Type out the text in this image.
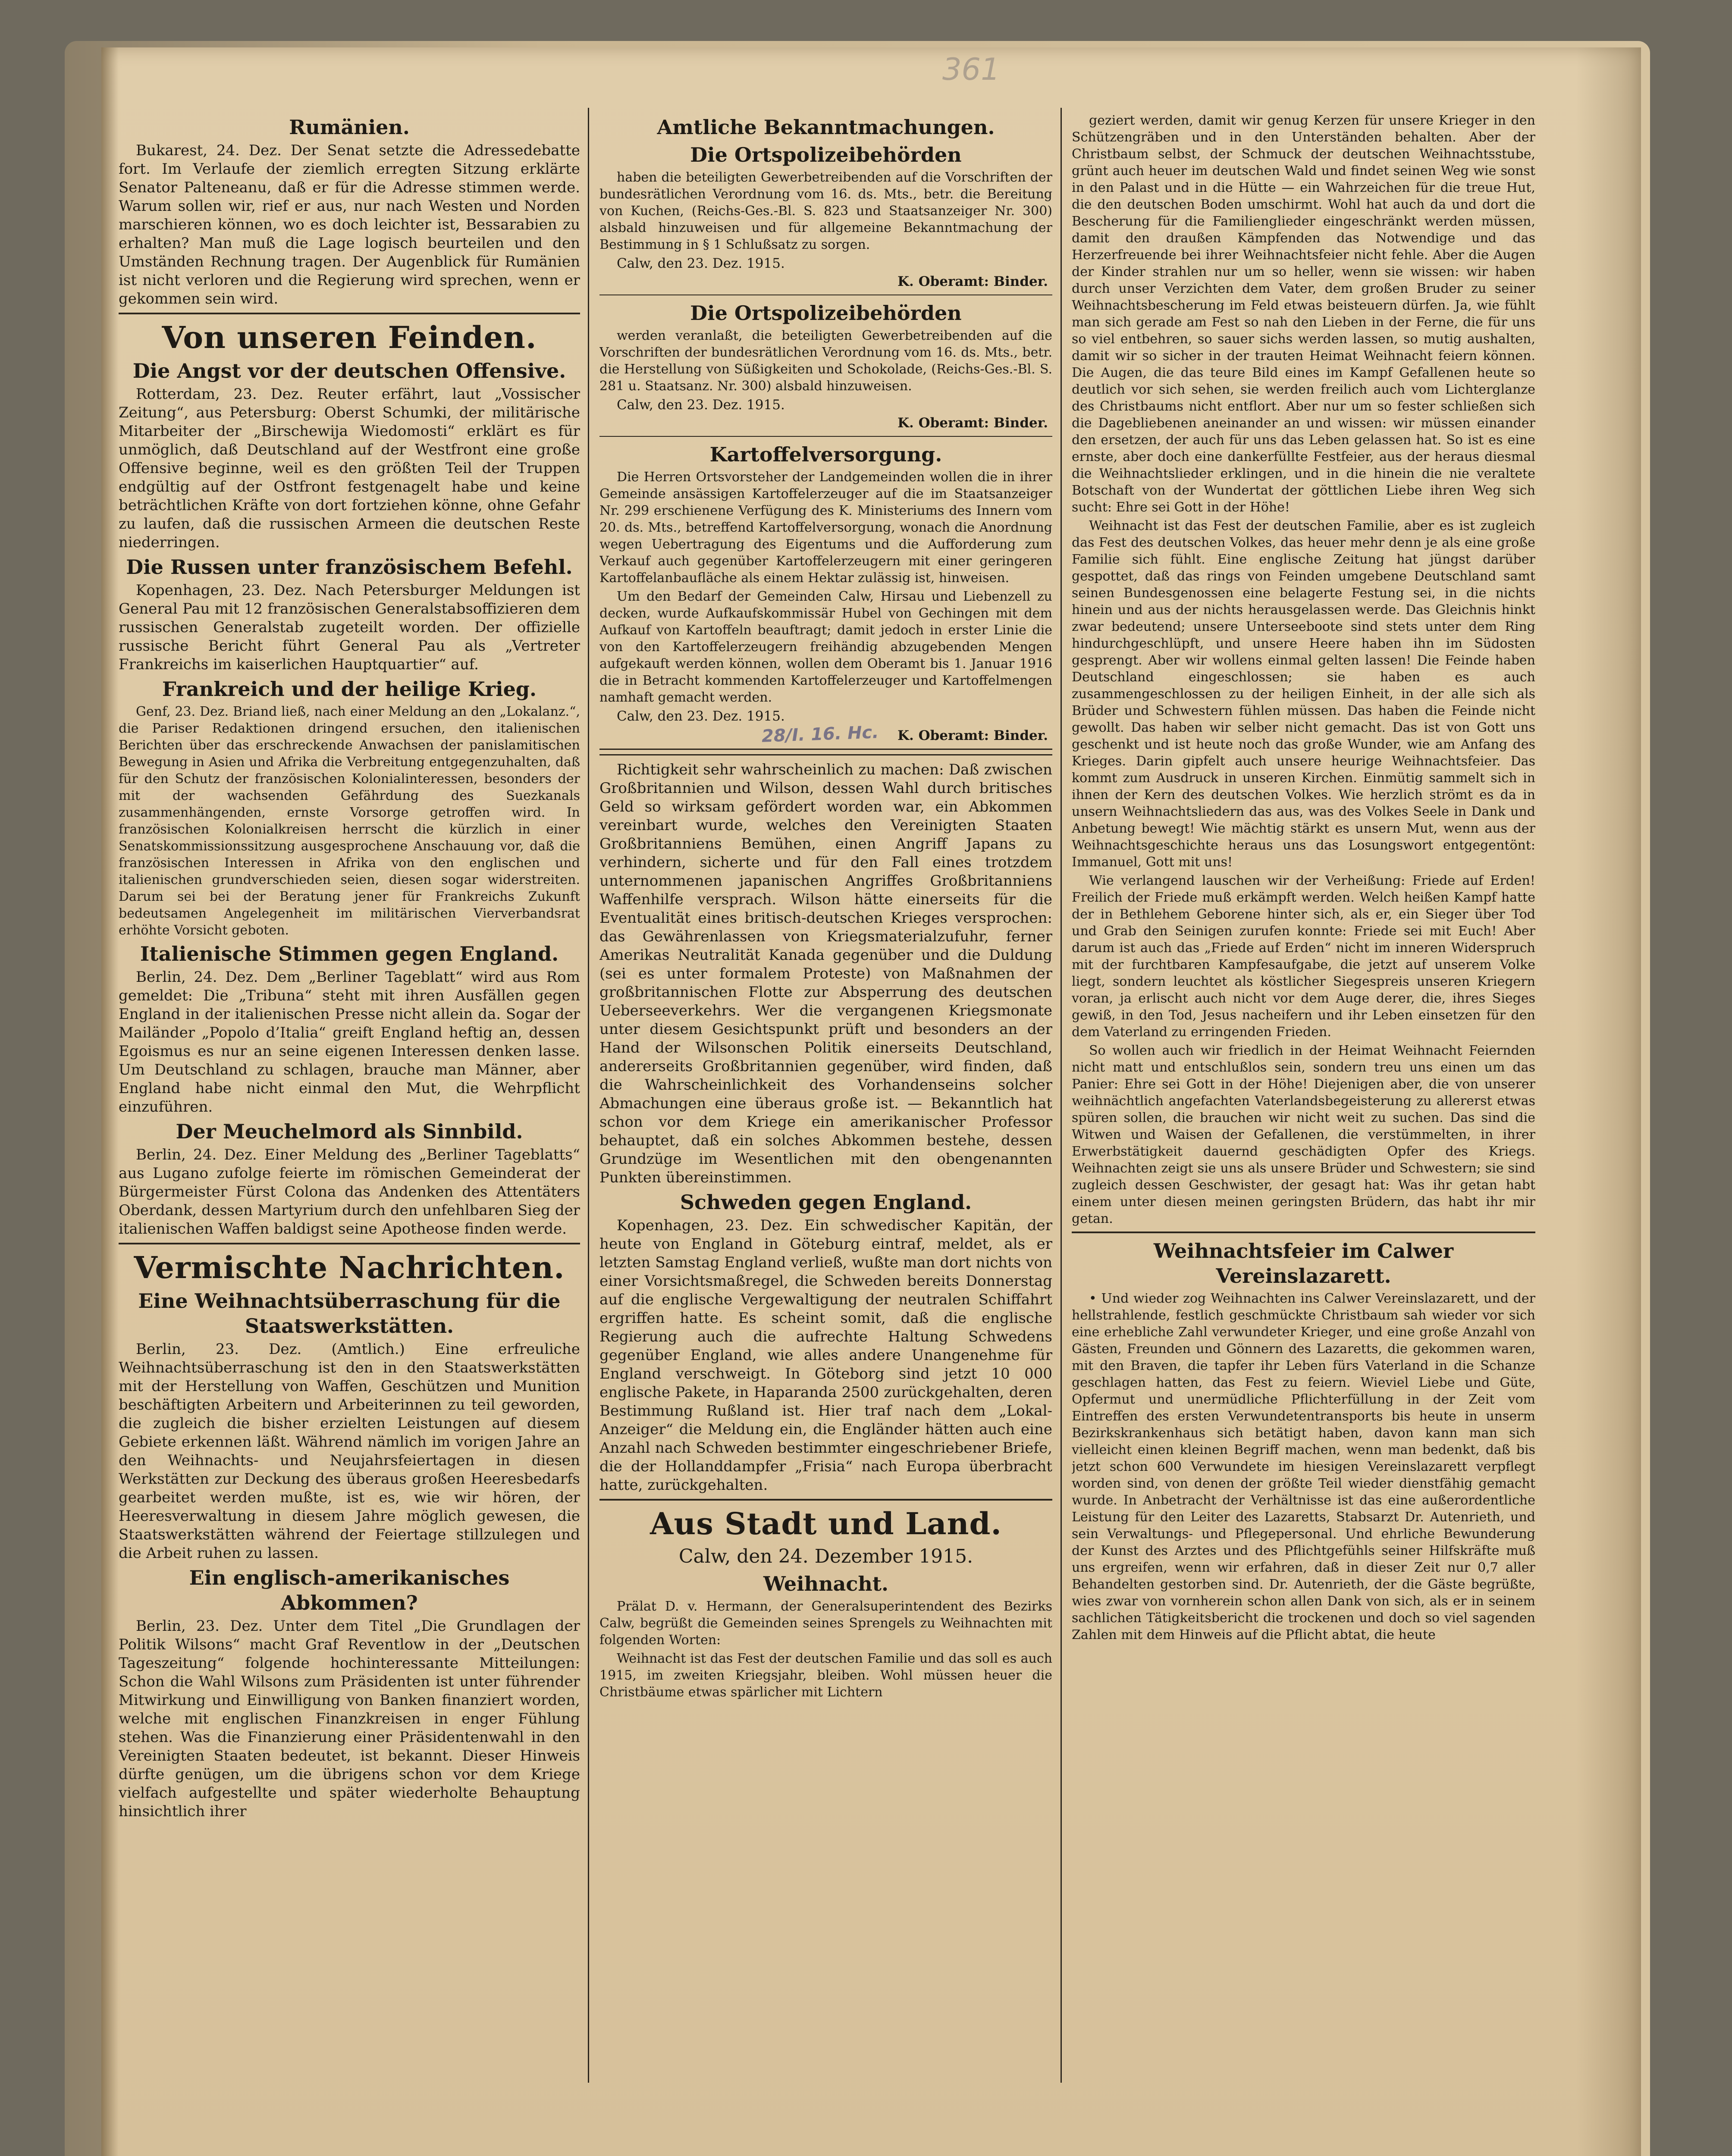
361
Rumänien.

Bukarest, 24. Dez. Der Senat setzte die Adressedebatte fort. Im Verlaufe der ziemlich erregten Sitzung erklärte Senator Palteneanu, daß er für die Adresse stimmen werde. Warum sollen wir, rief er aus, nur nach Westen und Norden marschieren können, wo es doch leichter ist, Bessarabien zu erhalten? Man muß die Lage logisch beurteilen und den Umständen Rechnung tragen. Der Augenblick für Rumänien ist nicht verloren und die Regierung wird sprechen, wenn er gekommen sein wird.

Von unseren Feinden.
Die Angst vor der deutschen Offensive.

Rotterdam, 23. Dez. Reuter erfährt, laut „Vossischer Zeitung“, aus Petersburg: Oberst Schumki, der militärische Mitarbeiter der „Birschewija Wiedomosti“ erklärt es für unmöglich, daß Deutschland auf der Westfront eine große Offensive beginne, weil es den größten Teil der Truppen endgültig auf der Ostfront festgenagelt habe und keine beträchtlichen Kräfte von dort fortziehen könne, ohne Gefahr zu laufen, daß die russischen Armeen die deutschen Reste niederringen.

Die Russen unter französischem Befehl.

Kopenhagen, 23. Dez. Nach Petersburger Meldungen ist General Pau mit 12 französischen Generalstabsoffizieren dem russischen Generalstab zugeteilt worden. Der offizielle russische Bericht führt General Pau als „Vertreter Frankreichs im kaiserlichen Hauptquartier“ auf.

Frankreich und der heilige Krieg.

Genf, 23. Dez. Briand ließ, nach einer Meldung an den „Lokalanz.“, die Pariser Redaktionen dringend ersuchen, den italienischen Berichten über das erschreckende Anwachsen der panislamitischen Bewegung in Asien und Afrika die Verbreitung entgegenzuhalten, daß für den Schutz der französischen Kolonialinteressen, besonders der mit der wachsenden Gefährdung des Suezkanals zusammenhängenden, ernste Vorsorge getroffen wird. In französischen Kolonialkreisen herrscht die kürzlich in einer Senatskommissionssitzung ausgesprochene Anschauung vor, daß die französischen Interessen in Afrika von den englischen und italienischen grundverschieden seien, diesen sogar widerstreiten. Darum sei bei der Beratung jener für Frankreichs Zukunft bedeutsamen Angelegenheit im militärischen Vierverbandsrat erhöhte Vorsicht geboten.

Italienische Stimmen gegen England.

Berlin, 24. Dez. Dem „Berliner Tageblatt“ wird aus Rom gemeldet: Die „Tribuna“ steht mit ihren Ausfällen gegen England in der italienischen Presse nicht allein da. Sogar der Mailänder „Popolo d’Italia“ greift England heftig an, dessen Egoismus es nur an seine eigenen Interessen denken lasse. Um Deutschland zu schlagen, brauche man Männer, aber England habe nicht einmal den Mut, die Wehrpflicht einzuführen.

Der Meuchelmord als Sinnbild.

Berlin, 24. Dez. Einer Meldung des „Berliner Tageblatts“ aus Lugano zufolge feierte im römischen Gemeinderat der Bürgermeister Fürst Colona das Andenken des Attentäters Oberdank, dessen Martyrium durch den unfehlbaren Sieg der italienischen Waffen baldigst seine Apotheose finden werde.

Vermischte Nachrichten.
Eine Weihnachtsüberraschung für die Staatswerkstätten.

Berlin, 23. Dez. (Amtlich.) Eine erfreuliche Weihnachtsüberraschung ist den in den Staatswerkstätten mit der Herstellung von Waffen, Geschützen und Munition beschäftigten Arbeitern und Arbeiterinnen zu teil geworden, die zugleich die bisher erzielten Leistungen auf diesem Gebiete erkennen läßt. Während nämlich im vorigen Jahre an den Weihnachts- und Neujahrsfeiertagen in diesen Werkstätten zur Deckung des überaus großen Heeresbedarfs gearbeitet werden mußte, ist es, wie wir hören, der Heeresverwaltung in diesem Jahre möglich gewesen, die Staatswerkstätten während der Feiertage stillzulegen und die Arbeit ruhen zu lassen.

Ein englisch-amerikanisches Abkommen?

Berlin, 23. Dez. Unter dem Titel „Die Grundlagen der Politik Wilsons“ macht Graf Reventlow in der „Deutschen Tageszeitung“ folgende hochinteressante Mitteilungen: Schon die Wahl Wilsons zum Präsidenten ist unter führender Mitwirkung und Einwilligung von Banken finanziert worden, welche mit englischen Finanzkreisen in enger Fühlung stehen. Was die Finanzierung einer Präsidentenwahl in den Vereinigten Staaten bedeutet, ist bekannt. Dieser Hinweis dürfte genügen, um die übrigens schon vor dem Kriege vielfach aufgestellte und später wiederholte Behauptung hinsichtlich ihrer

Amtliche Bekanntmachungen.
Die Ortspolizeibehörden

haben die beteiligten Gewerbetreibenden auf die Vorschriften der bundesrätlichen Verordnung vom 16. ds. Mts., betr. die Bereitung von Kuchen, (Reichs-Ges.-Bl. S. 823 und Staatsanzeiger Nr. 300) alsbald hinzuweisen und für allgemeine Bekanntmachung der Bestimmung in § 1 Schlußsatz zu sorgen.

Calw, den 23. Dez. 1915.

K. Oberamt: Binder.
Die Ortspolizeibehörden

werden veranlaßt, die beteiligten Gewerbetreibenden auf die Vorschriften der bundesrätlichen Verordnung vom 16. ds. Mts., betr. die Herstellung von Süßigkeiten und Schokolade, (Reichs-Ges.-Bl. S. 281 u. Staatsanz. Nr. 300) alsbald hinzuweisen.

Calw, den 23. Dez. 1915.

K. Oberamt: Binder.
Kartoffelversorgung.

Die Herren Ortsvorsteher der Landgemeinden wollen die in ihrer Gemeinde ansässigen Kartoffelerzeuger auf die im Staatsanzeiger Nr. 299 erschienene Verfügung des K. Ministeriums des Innern vom 20. ds. Mts., betreffend Kartoffelversorgung, wonach die Anordnung wegen Uebertragung des Eigentums und die Aufforderung zum Verkauf auch gegenüber Kartoffelerzeugern mit einer geringeren Kartoffelanbaufläche als einem Hektar zulässig ist, hinweisen.

Um den Bedarf der Gemeinden Calw, Hirsau und Liebenzell zu decken, wurde Aufkaufskommissär Hubel von Gechingen mit dem Aufkauf von Kartoffeln beauftragt; damit jedoch in erster Linie die von den Kartoffelerzeugern freihändig abzugebenden Mengen aufgekauft werden können, wollen dem Oberamt bis 1. Januar 1916 die in Betracht kommenden Kartoffelerzeuger und Kartoffelmengen namhaft gemacht werden.

Calw, den 23. Dez. 1915.

28/I. 16. Hc. K. Oberamt: Binder.

Richtigkeit sehr wahrscheinlich zu machen: Daß zwischen Großbritannien und Wilson, dessen Wahl durch britisches Geld so wirksam gefördert worden war, ein Abkommen vereinbart wurde, welches den Vereinigten Staaten Großbritanniens Bemühen, einen Angriff Japans zu verhindern, sicherte und für den Fall eines trotzdem unternommenen japanischen Angriffes Großbritanniens Waffenhilfe versprach. Wilson hätte einerseits für die Eventualität eines britisch-deutschen Krieges versprochen: das Gewährenlassen von Kriegsmaterialzufuhr, ferner Amerikas Neutralität Kanada gegenüber und die Duldung (sei es unter formalem Proteste) von Maßnahmen der großbritannischen Flotte zur Absperrung des deutschen Ueberseeverkehrs. Wer die vergangenen Kriegsmonate unter diesem Gesichtspunkt prüft und besonders an der Hand der Wilsonschen Politik einerseits Deutschland, andererseits Großbritannien gegenüber, wird finden, daß die Wahrscheinlichkeit des Vorhandenseins solcher Abmachungen eine überaus große ist. — Bekanntlich hat schon vor dem Kriege ein amerikanischer Professor behauptet, daß ein solches Abkommen bestehe, dessen Grundzüge im Wesentlichen mit den obengenannten Punkten übereinstimmen.

Schweden gegen England.

Kopenhagen, 23. Dez. Ein schwedischer Kapitän, der heute von England in Göteburg eintraf, meldet, als er letzten Samstag England verließ, wußte man dort nichts von einer Vorsichtsmaßregel, die Schweden bereits Donnerstag auf die englische Vergewaltigung der neutralen Schiffahrt ergriffen hatte. Es scheint somit, daß die englische Regierung auch die aufrechte Haltung Schwedens gegenüber England, wie alles andere Unangenehme für England verschweigt. In Göteborg sind jetzt 10 000 englische Pakete, in Haparanda 2500 zurückgehalten, deren Bestimmung Rußland ist. Hier traf nach dem „Lokal-Anzeiger“ die Meldung ein, die Engländer hätten auch eine Anzahl nach Schweden bestimmter eingeschriebener Briefe, die der Hollanddampfer „Frisia“ nach Europa überbracht hatte, zurückgehalten.

Aus Stadt und Land.

Calw, den 24. Dezember 1915.

Weihnacht.

Prälat D. v. Hermann, der Generalsuperintendent des Bezirks Calw, begrüßt die Gemeinden seines Sprengels zu Weihnachten mit folgenden Worten:

Weihnacht ist das Fest der deutschen Familie und das soll es auch 1915, im zweiten Kriegsjahr, bleiben. Wohl müssen heuer die Christbäume etwas spärlicher mit Lichtern

geziert werden, damit wir genug Kerzen für unsere Krieger in den Schützengräben und in den Unterständen behalten. Aber der Christbaum selbst, der Schmuck der deutschen Weihnachtsstube, grünt auch heuer im deutschen Wald und findet seinen Weg wie sonst in den Palast und in die Hütte — ein Wahrzeichen für die treue Hut, die den deutschen Boden umschirmt. Wohl hat auch da und dort die Bescherung für die Familienglieder eingeschränkt werden müssen, damit den draußen Kämpfenden das Notwendige und das Herzerfreuende bei ihrer Weihnachtsfeier nicht fehle. Aber die Augen der Kinder strahlen nur um so heller, wenn sie wissen: wir haben durch unser Verzichten dem Vater, dem großen Bruder zu seiner Weihnachtsbescherung im Feld etwas beisteuern dürfen. Ja, wie fühlt man sich gerade am Fest so nah den Lieben in der Ferne, die für uns so viel entbehren, so sauer sichs werden lassen, so mutig aushalten, damit wir so sicher in der trauten Heimat Weihnacht feiern können. Die Augen, die das teure Bild eines im Kampf Gefallenen heute so deutlich vor sich sehen, sie werden freilich auch vom Lichterglanze des Christbaums nicht entflort. Aber nur um so fester schließen sich die Dagebliebenen aneinander an und wissen: wir müssen einander den ersetzen, der auch für uns das Leben gelassen hat. So ist es eine ernste, aber doch eine dankerfüllte Festfeier, aus der heraus diesmal die Weihnachtslieder erklingen, und in die hinein die nie veraltete Botschaft von der Wundertat der göttlichen Liebe ihren Weg sich sucht: Ehre sei Gott in der Höhe!

Weihnacht ist das Fest der deutschen Familie, aber es ist zugleich das Fest des deutschen Volkes, das heuer mehr denn je als eine große Familie sich fühlt. Eine englische Zeitung hat jüngst darüber gespottet, daß das rings von Feinden umgebene Deutschland samt seinen Bundesgenossen eine belagerte Festung sei, in die nichts hinein und aus der nichts herausgelassen werde. Das Gleichnis hinkt zwar bedeutend; unsere Unterseeboote sind stets unter dem Ring hindurchgeschlüpft, und unsere Heere haben ihn im Südosten gesprengt. Aber wir wollens einmal gelten lassen! Die Feinde haben Deutschland eingeschlossen; sie haben es auch zusammengeschlossen zu der heiligen Einheit, in der alle sich als Brüder und Schwestern fühlen müssen. Das haben die Feinde nicht gewollt. Das haben wir selber nicht gemacht. Das ist von Gott uns geschenkt und ist heute noch das große Wunder, wie am Anfang des Krieges. Darin gipfelt auch unsere heurige Weihnachtsfeier. Das kommt zum Ausdruck in unseren Kirchen. Einmütig sammelt sich in ihnen der Kern des deutschen Volkes. Wie herzlich strömt es da in unsern Weihnachtsliedern das aus, was des Volkes Seele in Dank und Anbetung bewegt! Wie mächtig stärkt es unsern Mut, wenn aus der Weihnachtsgeschichte heraus uns das Losungswort entgegentönt: Immanuel, Gott mit uns!

Wie verlangend lauschen wir der Verheißung: Friede auf Erden! Freilich der Friede muß erkämpft werden. Welch heißen Kampf hatte der in Bethlehem Geborene hinter sich, als er, ein Sieger über Tod und Grab den Seinigen zurufen konnte: Friede sei mit Euch! Aber darum ist auch das „Friede auf Erden“ nicht im inneren Widerspruch mit der furchtbaren Kampfesaufgabe, die jetzt auf unserem Volke liegt, sondern leuchtet als köstlicher Siegespreis unseren Kriegern voran, ja erlischt auch nicht vor dem Auge derer, die, ihres Sieges gewiß, in den Tod, Jesus nacheifern und ihr Leben einsetzen für den dem Vaterland zu erringenden Frieden.

So wollen auch wir friedlich in der Heimat Weihnacht Feiernden nicht matt und entschlußlos sein, sondern treu uns einen um das Panier: Ehre sei Gott in der Höhe! Diejenigen aber, die von unserer weihnächtlich angefachten Vaterlandsbegeisterung zu allererst etwas spüren sollen, die brauchen wir nicht weit zu suchen. Das sind die Witwen und Waisen der Gefallenen, die verstümmelten, in ihrer Erwerbstätigkeit dauernd geschädigten Opfer des Kriegs. Weihnachten zeigt sie uns als unsere Brüder und Schwestern; sie sind zugleich dessen Geschwister, der gesagt hat: Was ihr getan habt einem unter diesen meinen geringsten Brüdern, das habt ihr mir getan.

Weihnachtsfeier im Calwer Vereinslazarett.

• Und wieder zog Weihnachten ins Calwer Vereinslazarett, und der hellstrahlende, festlich geschmückte Christbaum sah wieder vor sich eine erhebliche Zahl verwundeter Krieger, und eine große Anzahl von Gästen, Freunden und Gönnern des Lazaretts, die gekommen waren, mit den Braven, die tapfer ihr Leben fürs Vaterland in die Schanze geschlagen hatten, das Fest zu feiern. Wieviel Liebe und Güte, Opfermut und unermüdliche Pflichterfüllung in der Zeit vom Eintreffen des ersten Verwundetentransports bis heute in unserm Bezirkskrankenhaus sich betätigt haben, davon kann man sich vielleicht einen kleinen Begriff machen, wenn man bedenkt, daß bis jetzt schon 600 Verwundete im hiesigen Vereinslazarett verpflegt worden sind, von denen der größte Teil wieder dienstfähig gemacht wurde. In Anbetracht der Verhältnisse ist das eine außerordentliche Leistung für den Leiter des Lazaretts, Stabsarzt Dr. Autenrieth, und sein Verwaltungs- und Pflegepersonal. Und ehrliche Bewunderung der Kunst des Arztes und des Pflichtgefühls seiner Hilfskräfte muß uns ergreifen, wenn wir erfahren, daß in dieser Zeit nur 0,7 aller Behandelten gestorben sind. Dr. Autenrieth, der die Gäste begrüßte, wies zwar von vornherein schon allen Dank von sich, als er in seinem sachlichen Tätigkeitsbericht die trockenen und doch so viel sagenden Zahlen mit dem Hinweis auf die Pflicht abtat, die heute
